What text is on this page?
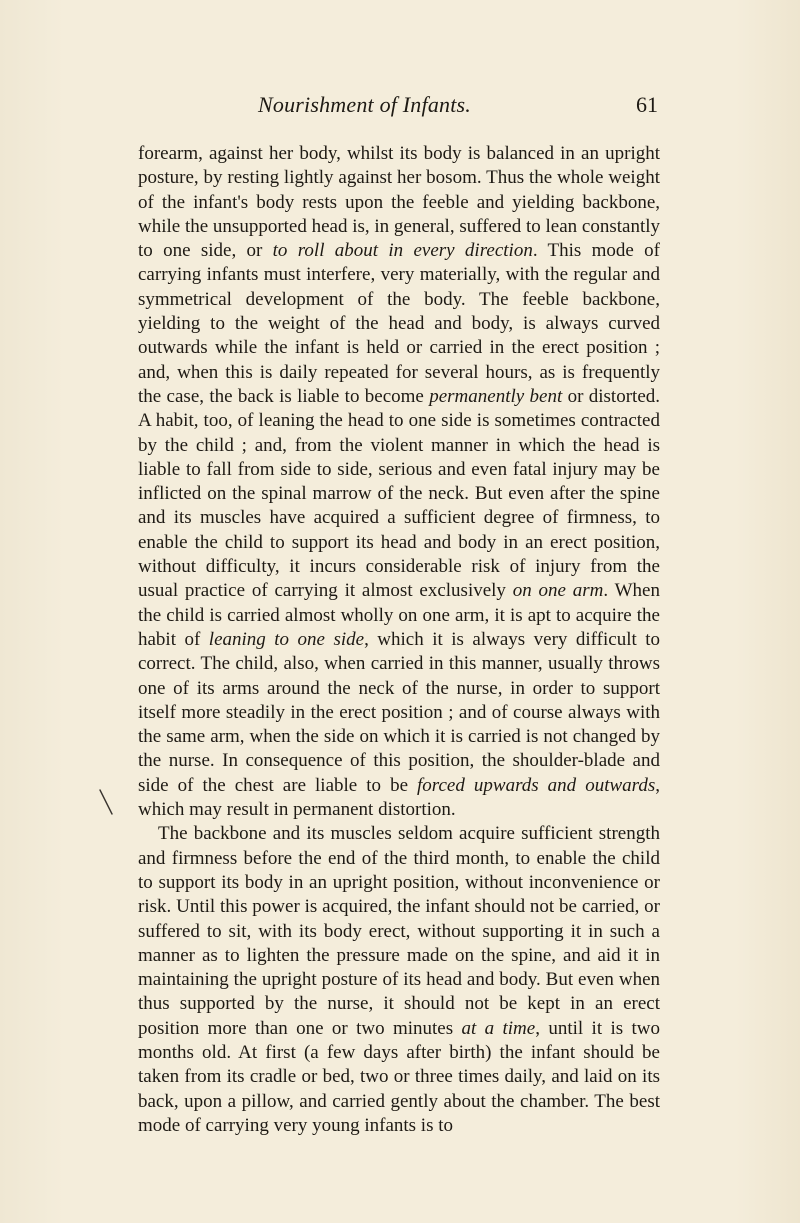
Nourishment of Infants.	61

forearm, against her body, whilst its body is balanced in an upright posture, by resting lightly against her bosom. Thus the whole weight of the infant's body rests upon the feeble and yielding backbone, while the unsupported head is, in general, suffered to lean constantly to one side, or to roll about in every direction. This mode of carrying infants must interfere, very materially, with the regular and symmetrical development of the body. The feeble backbone, yielding to the weight of the head and body, is always curved outwards while the infant is held or carried in the erect position ; and, when this is daily repeated for several hours, as is frequently the case, the back is liable to become permanently bent or distorted. A habit, too, of leaning the head to one side is sometimes contracted by the child ; and, from the violent manner in which the head is liable to fall from side to side, serious and even fatal injury may be inflicted on the spinal marrow of the neck. But even after the spine and its muscles have acquired a sufficient degree of firmness, to enable the child to support its head and body in an erect position, without difficulty, it incurs considerable risk of injury from the usual practice of carrying it almost exclusively on one arm. When the child is carried almost wholly on one arm, it is apt to acquire the habit of leaning to one side, which it is always very difficult to correct. The child, also, when carried in this manner, usually throws one of its arms around the neck of the nurse, in order to support itself more steadily in the erect position ; and of course always with the same arm, when the side on which it is carried is not changed by the nurse. In consequence of this position, the shoulder-blade and side of the chest are liable to be forced upwards and outwards, which may result in permanent distortion.

The backbone and its muscles seldom acquire sufficient strength and firmness before the end of the third month, to enable the child to support its body in an upright position, without inconvenience or risk. Until this power is acquired, the infant should not be carried, or suffered to sit, with its body erect, without supporting it in such a manner as to lighten the pressure made on the spine, and aid it in maintaining the upright posture of its head and body. But even when thus supported by the nurse, it should not be kept in an erect position more than one or two minutes at a time, until it is two months old. At first (a few days after birth) the infant should be taken from its cradle or bed, two or three times daily, and laid on its back, upon a pillow, and carried gently about the chamber. The best mode of carrying very young infants is to
